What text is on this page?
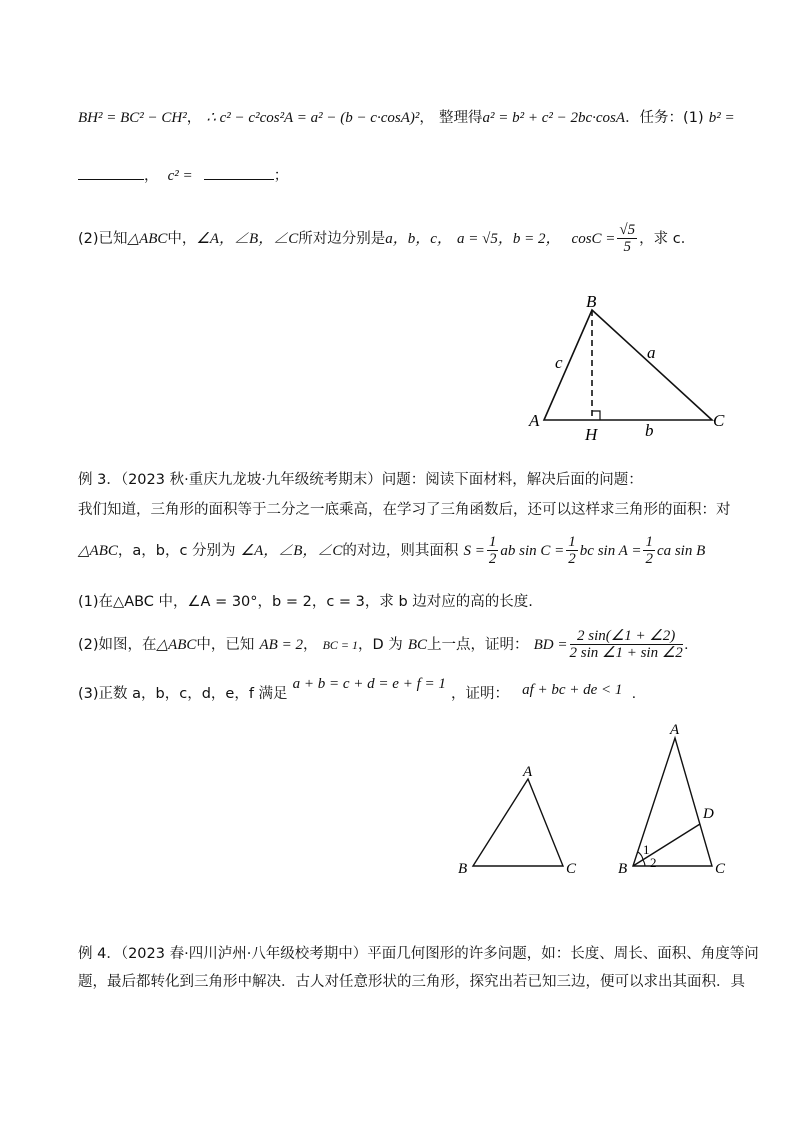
BH² = BC² − CH²， ∴ c² − c²cos²A = a² − (b − c·cosA)²， 整理得a² = b² + c² − 2bc·cosA．任务：(1) b² =
， c² =	；
(2)已知△ABC中，∠A，∠B，∠C所对边分别是a，b，c， a = √5，b = 2， $\cos C = \frac{√5}{5}$ ，求 c．
B
A	C
H
a
b
c
例 3．（2023 秋·重庆九龙坡·九年级统考期末）问题：阅读下面材料，解决后面的问题：
我们知道，三角形的面积等于二分之一底乘高，在学习了三角函数后，还可以这样求三角形的面积：对
△ABC，a，b，c 分别为 ∠A，∠B，∠C的对边，则其面积 $S = \frac{1}{2}$ ab $\sin C = \frac{1}{2}$ bc $\sin A = \frac{1}{2}$ ca sin B
(1)在△ABC 中，∠A = 30°，b = 2，c = 3，求 b 边对应的高的长度.
(2)如图，在△ABC中，已知 AB = 2， BC = 1，D 为 BC上一点，证明： BD = $\frac{2 \sin(\angle 1 + \angle 2)}{2 \sin \angle 1 + \sin \angle 2}$ .
(3)正数 a，b，c，d，e，f 满足 a + b = c + d = e + f = 1 ，证明： af + bc + de < 1 .
A
B	C
A
B	C
D
1
2
例 4．（2023 春·四川泸州·八年级校考期中）平面几何图形的许多问题，如：长度、周长、面积、角度等问
题，最后都转化到三角形中解决．古人对任意形状的三角形，探究出若已知三边，便可以求出其面积．具
